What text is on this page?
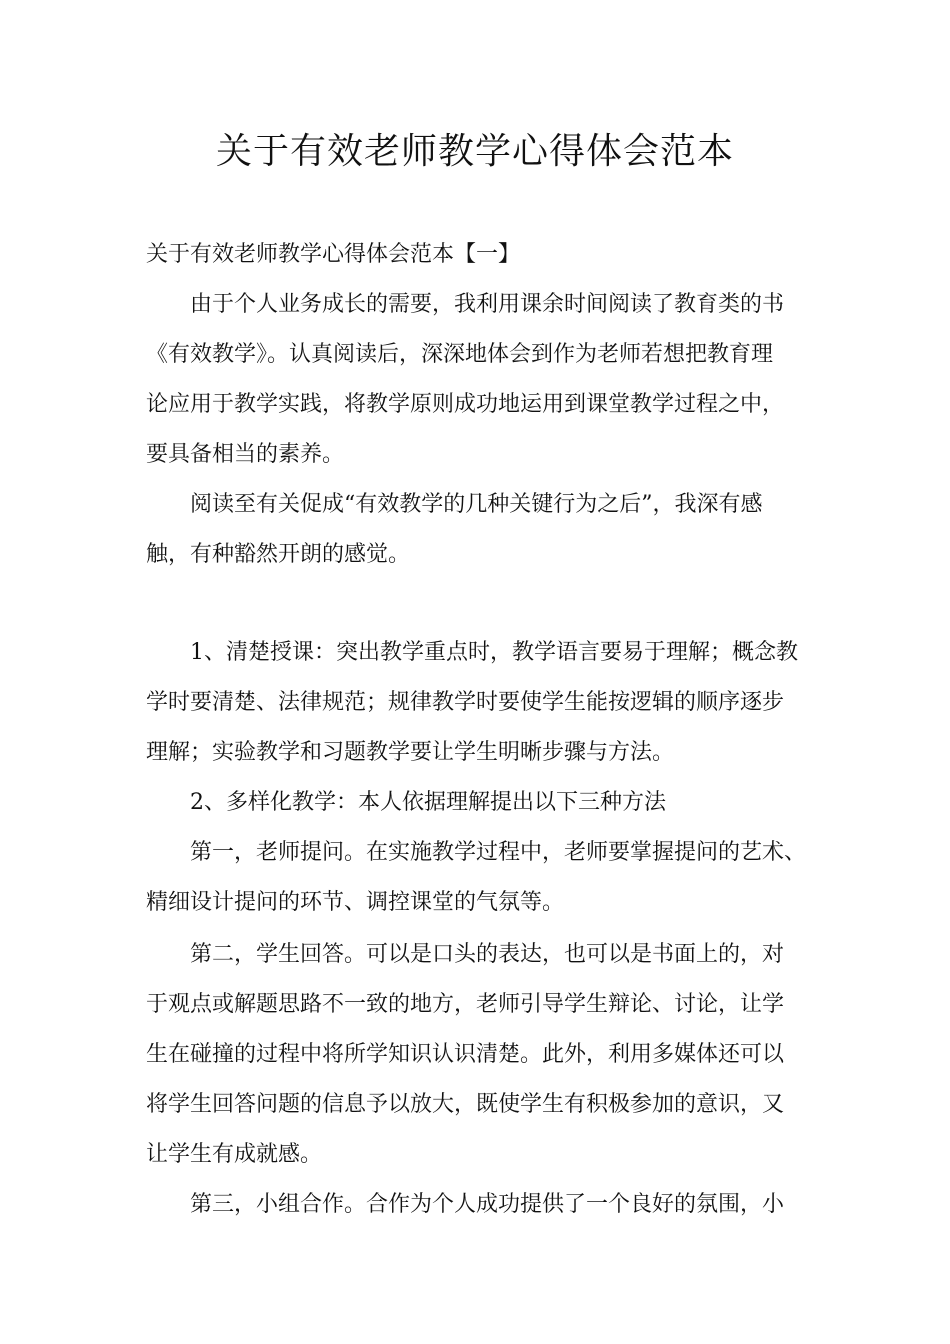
关于有效老师教学心得体会范本

关于有效老师教学心得体会范本【一】

由于个人业务成长的需要，我利用课余时间阅读了教育类的书

《有效教学》。认真阅读后，深深地体会到作为老师若想把教育理

论应用于教学实践，将教学原则成功地运用到课堂教学过程之中，

要具备相当的素养。

阅读至有关促成“有效教学的几种关键行为之后”，我深有感

触，有种豁然开朗的感觉。

1、清楚授课：突出教学重点时，教学语言要易于理解；概念教

学时要清楚、法律规范；规律教学时要使学生能按逻辑的顺序逐步

理解；实验教学和习题教学要让学生明晰步骤与方法。

2、多样化教学：本人依据理解提出以下三种方法

第一，老师提问。在实施教学过程中，老师要掌握提问的艺术、

精细设计提问的环节、调控课堂的气氛等。

第二，学生回答。可以是口头的表达，也可以是书面上的，对

于观点或解题思路不一致的地方，老师引导学生辩论、讨论，让学

生在碰撞的过程中将所学知识认识清楚。此外，利用多媒体还可以

将学生回答问题的信息予以放大，既使学生有积极参加的意识，又

让学生有成就感。

第三，小组合作。合作为个人成功提供了一个良好的氛围，小
